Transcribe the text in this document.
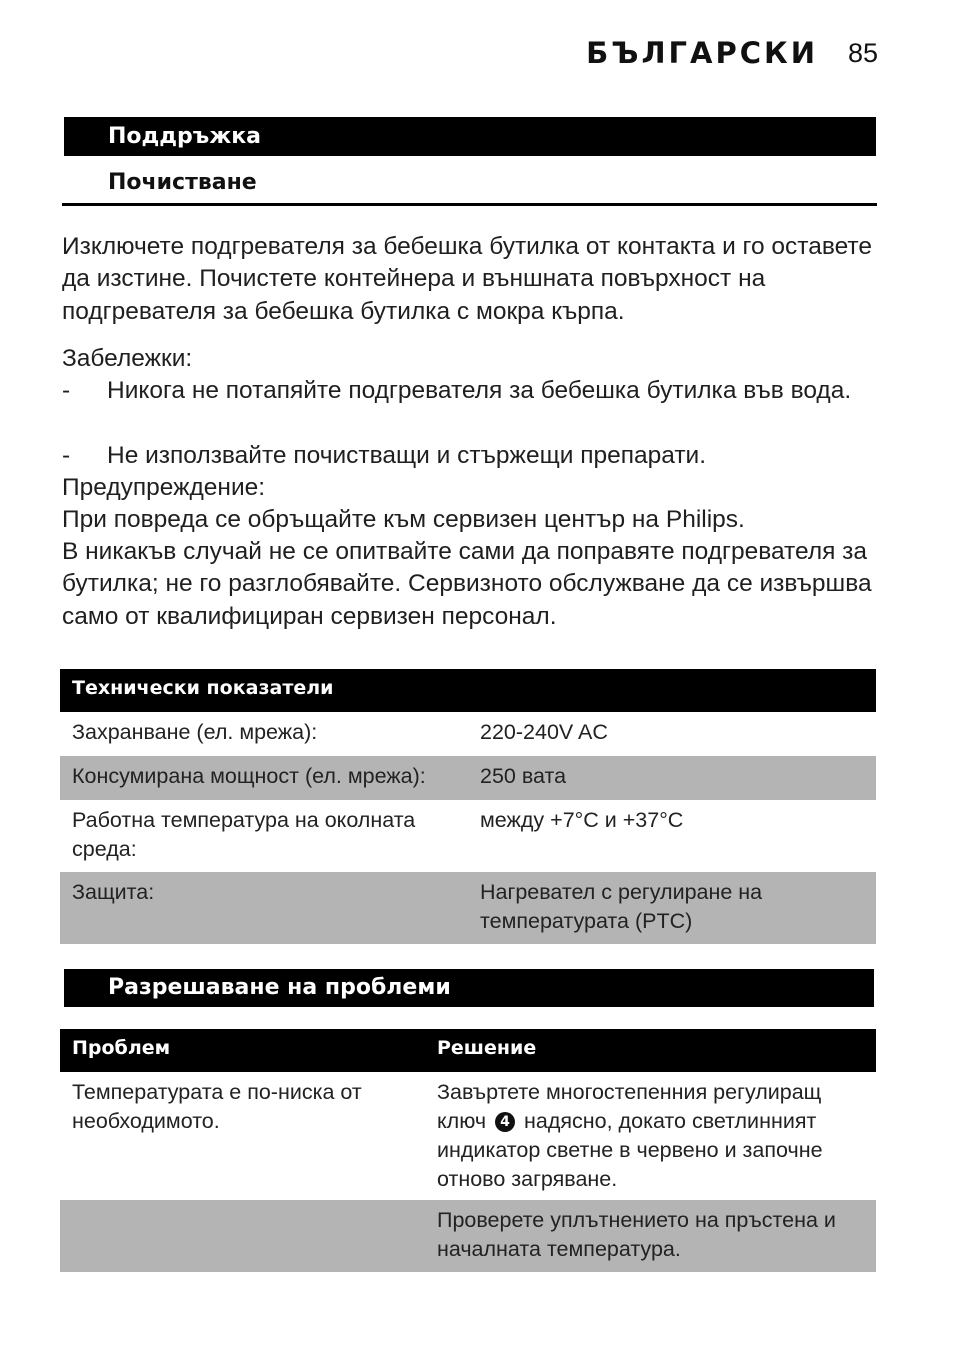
БЪЛГАРСКИ	85
Поддръжка
Почистване

Изключете подгревателя за бебешка бутилка от контакта и го оставете да изстине. Почистете контейнера и външната повърхност на подгревателя за бебешка бутилка с мокра кърпа.

Забележки:
- Никога не потапяйте подгревателя за бебешка бутилка във вода.
- Не използвайте почистващи и стържещи препарати.
Предупреждение:
При повреда се обръщайте към сервизен център на Philips.
В никакъв случай не се опитвайте сами да поправяте подгревателя за бутилка; не го разглобявайте. Сервизното обслужване да се извършва само от квалифициран сервизен персонал.
Технически показатели	
Захранване (ел. мрежа):	220-240V AC
Консумирана мощност (ел. мрежа):	250 вата
Работна температура на околната среда:	между +7°C и +37°C
Защита:	Нагревател с регулиране на температурата (PTC)
Разрешаване на проблеми
Проблем	Решение
Температурата е по-ниска от необходимото.	Завъртете многостепенния регулиращ ключ 4 надясно, докато светлинният индикатор светне в червено и започне отново загряване.
	Проверете уплътнението на пръстена и началната температура.
